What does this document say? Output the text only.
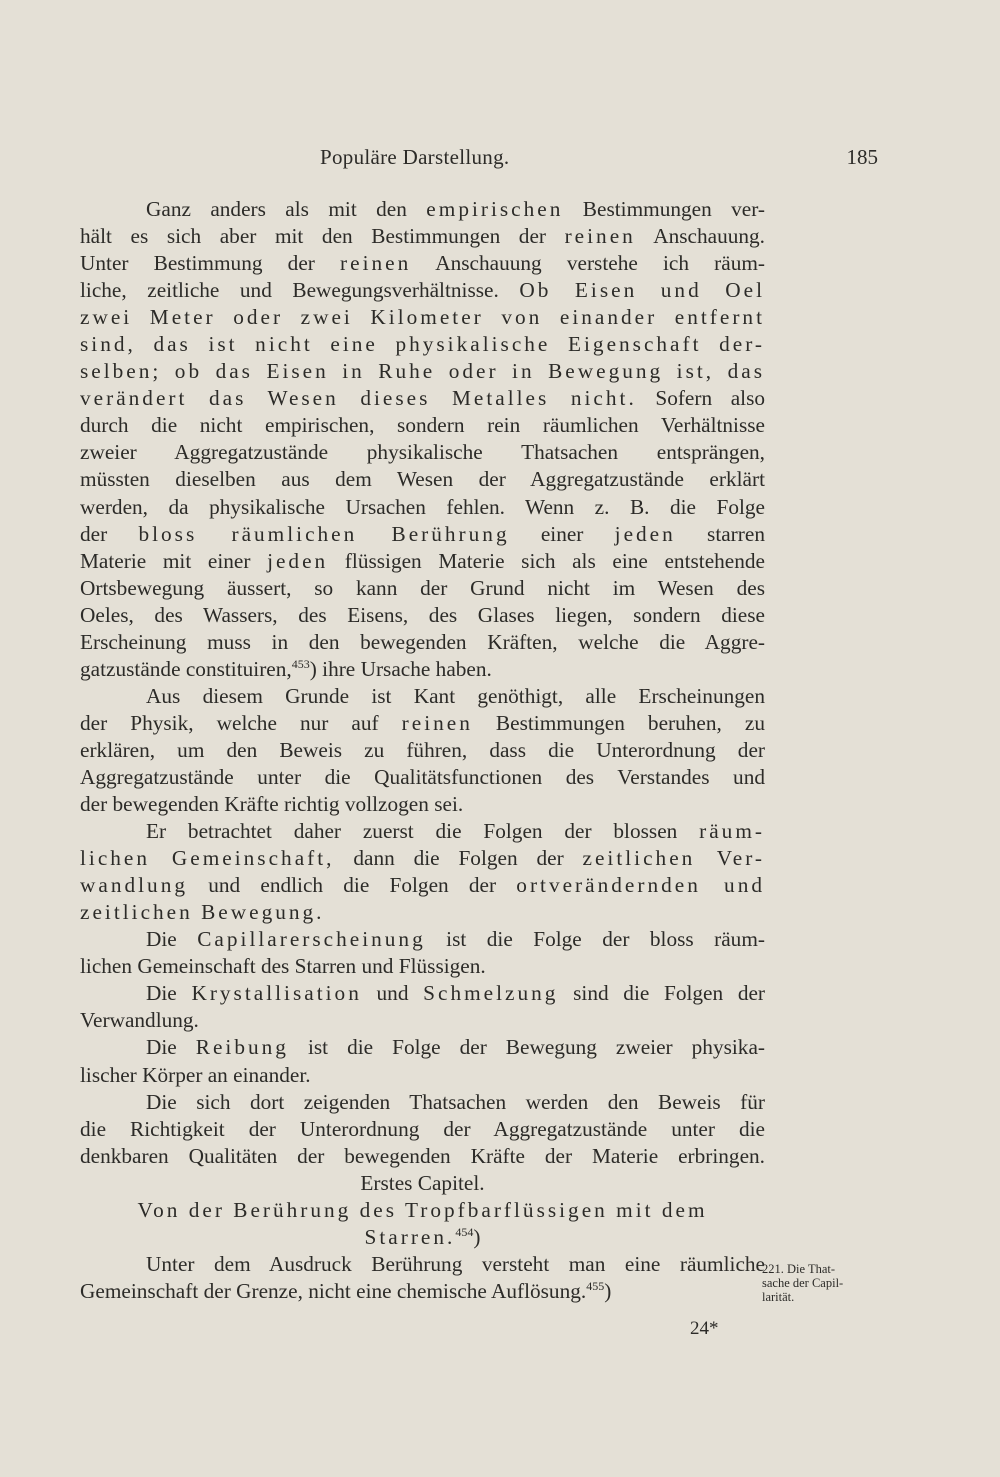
Populäre Darstellung.	185
Ganz anders als mit den empirischen Bestimmungen ver-
hält es sich aber mit den Bestimmungen der reinen Anschauung.
Unter Bestimmung der reinen Anschauung verstehe ich räum-
liche, zeitliche und Bewegungsverhältnisse. Ob Eisen und Oel
zwei Meter oder zwei Kilometer von einander entfernt
sind, das ist nicht eine physikalische Eigenschaft der-
selben; ob das Eisen in Ruhe oder in Bewegung ist, das
verändert das Wesen dieses Metalles nicht. Sofern also
durch die nicht empirischen, sondern rein räumlichen Verhältnisse
zweier Aggregatzustände physikalische Thatsachen entsprängen,
müssten dieselben aus dem Wesen der Aggregatzustände erklärt
werden, da physikalische Ursachen fehlen. Wenn z. B. die Folge
der bloss räumlichen Berührung einer jeden starren
Materie mit einer jeden flüssigen Materie sich als eine entstehende
Ortsbewegung äussert, so kann der Grund nicht im Wesen des
Oeles, des Wassers, des Eisens, des Glases liegen, sondern diese
Erscheinung muss in den bewegenden Kräften, welche die Aggre-
gatzustände constituiren,$^{453}$) ihre Ursache haben.
Aus diesem Grunde ist Kant genöthigt, alle Erscheinungen
der Physik, welche nur auf reinen Bestimmungen beruhen, zu
erklären, um den Beweis zu führen, dass die Unterordnung der
Aggregatzustände unter die Qualitätsfunctionen des Verstandes und
der bewegenden Kräfte richtig vollzogen sei.
Er betrachtet daher zuerst die Folgen der blossen räum-
lichen Gemeinschaft, dann die Folgen der zeitlichen Ver-
wandlung und endlich die Folgen der ortverändernden und
zeitlichen Bewegung.
Die Capillarerscheinung ist die Folge der bloss räum-
lichen Gemeinschaft des Starren und Flüssigen.
Die Krystallisation und Schmelzung sind die Folgen der
Verwandlung.
Die Reibung ist die Folge der Bewegung zweier physika-
lischer Körper an einander.
Die sich dort zeigenden Thatsachen werden den Beweis für
die Richtigkeit der Unterordnung der Aggregatzustände unter die
denkbaren Qualitäten der bewegenden Kräfte der Materie erbringen.
Erstes Capitel.
Von der Berührung des Tropfbarflüssigen mit dem
Starren.$^{454}$)
Unter dem Ausdruck Berührung versteht man eine räumliche
Gemeinschaft der Grenze, nicht eine chemische Auflösung.$^{455}$)
221. Die That-
sache der Capil-
larität.
24*
